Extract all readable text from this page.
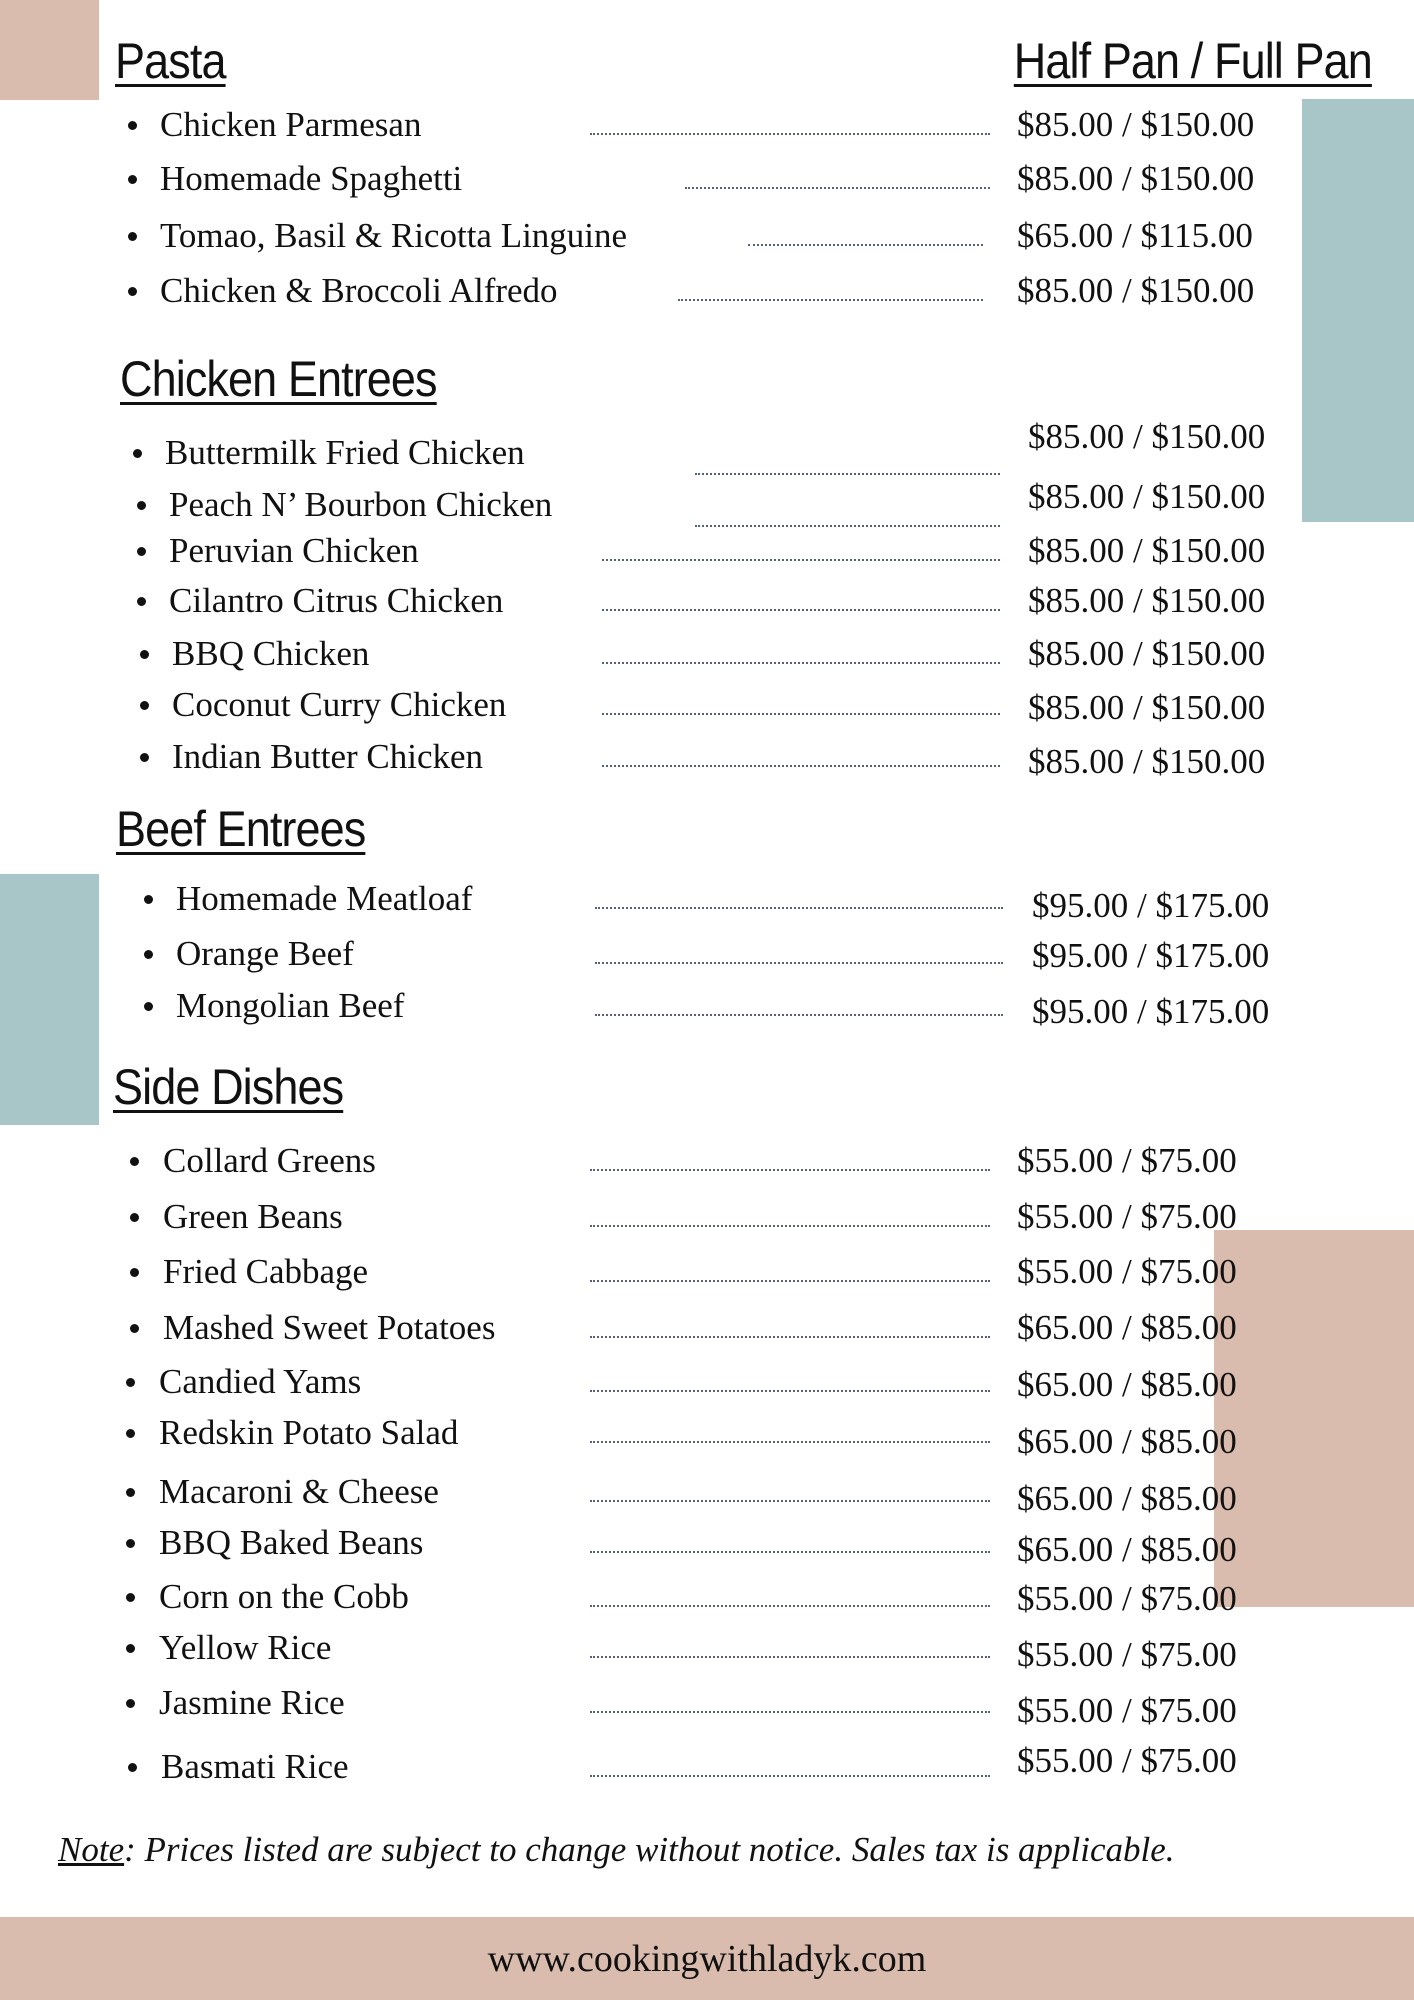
Pasta	Half Pan / Full Pan
Chicken Entrees
Beef Entrees
Side Dishes
Chicken Parmesan	$85.00 / $150.00
Homemade Spaghetti	$85.00 / $150.00
Tomao, Basil & Ricotta Linguine	$65.00 / $115.00
Chicken & Broccoli Alfredo	$85.00 / $150.00
Buttermilk Fried Chicken	$85.00 / $150.00
Peach N’ Bourbon Chicken	$85.00 / $150.00
Peruvian Chicken	$85.00 / $150.00
Cilantro Citrus Chicken	$85.00 / $150.00
BBQ Chicken	$85.00 / $150.00
Coconut Curry Chicken	$85.00 / $150.00
Indian Butter Chicken	$85.00 / $150.00
Homemade Meatloaf	$95.00 / $175.00
Orange Beef	$95.00 / $175.00
Mongolian Beef	$95.00 / $175.00
Collard Greens	$55.00 / $75.00
Green Beans	$55.00 / $75.00
Fried Cabbage	$55.00 / $75.00
Mashed Sweet Potatoes	$65.00 / $85.00
Candied Yams	$65.00 / $85.00
Redskin Potato Salad	$65.00 / $85.00
Macaroni & Cheese	$65.00 / $85.00
BBQ Baked Beans	$65.00 / $85.00
Corn on the Cobb	$55.00 / $75.00
Yellow Rice	$55.00 / $75.00
Jasmine Rice	$55.00 / $75.00
Basmati Rice	$55.00 / $75.00
Note: Prices listed are subject to change without notice. Sales tax is applicable.
www.cookingwithladyk.com
